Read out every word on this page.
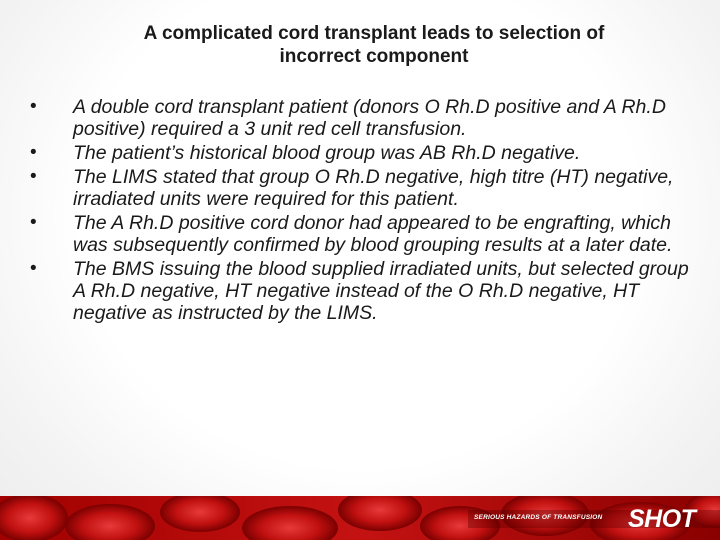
A complicated cord transplant leads to selection of
incorrect component
• A double cord transplant patient (donors O Rh.D positive and A Rh.D positive) required a 3 unit red cell transfusion.
• The patient’s historical blood group was AB Rh.D negative.
• The LIMS stated that group O Rh.D negative, high titre (HT) negative, irradiated units were required for this patient.
• The A Rh.D positive cord donor had appeared to be engrafting, which was subsequently confirmed by blood grouping results at a later date.
• The BMS issuing the blood supplied irradiated units, but selected group A Rh.D negative, HT negative instead of the O Rh.D negative, HT negative as instructed by the LIMS.
SERIOUS HAZARDS OF TRANSFUSION SHOT
